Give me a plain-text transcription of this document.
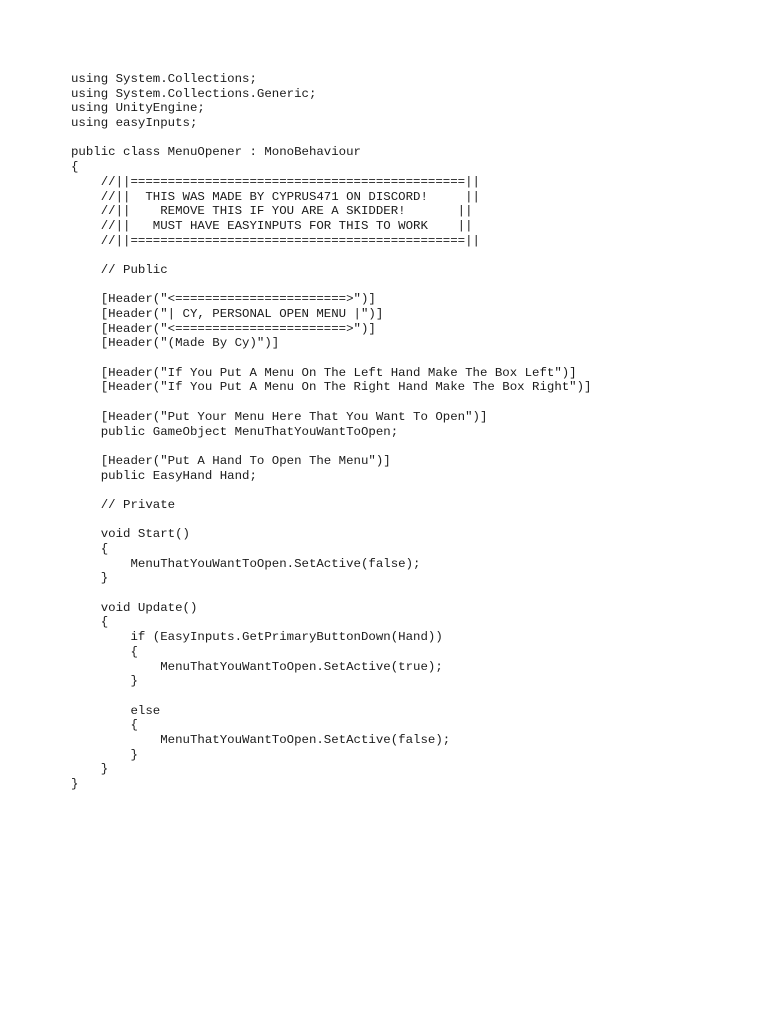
using System.Collections;
using System.Collections.Generic;
using UnityEngine;
using easyInputs;
public class MenuOpener : MonoBehaviour
{
//||=============================================||
//||  THIS WAS MADE BY CYPRUS471 ON DISCORD!     ||
//||    REMOVE THIS IF YOU ARE A SKIDDER!       ||
//||   MUST HAVE EASYINPUTS FOR THIS TO WORK    ||
//||=============================================||
// Public
[Header("<=======================>")]
[Header("| CY, PERSONAL OPEN MENU |")]
[Header("<=======================>")]
[Header("(Made By Cy)")]
[Header("If You Put A Menu On The Left Hand Make The Box Left")]
[Header("If You Put A Menu On The Right Hand Make The Box Right")]
[Header("Put Your Menu Here That You Want To Open")]
public GameObject MenuThatYouWantToOpen;
[Header("Put A Hand To Open The Menu")]
public EasyHand Hand;
// Private
void Start()
{
MenuThatYouWantToOpen.SetActive(false);
}
void Update()
{
if (EasyInputs.GetPrimaryButtonDown(Hand))
{
MenuThatYouWantToOpen.SetActive(true);
}
else
{
MenuThatYouWantToOpen.SetActive(false);
}
}
}
